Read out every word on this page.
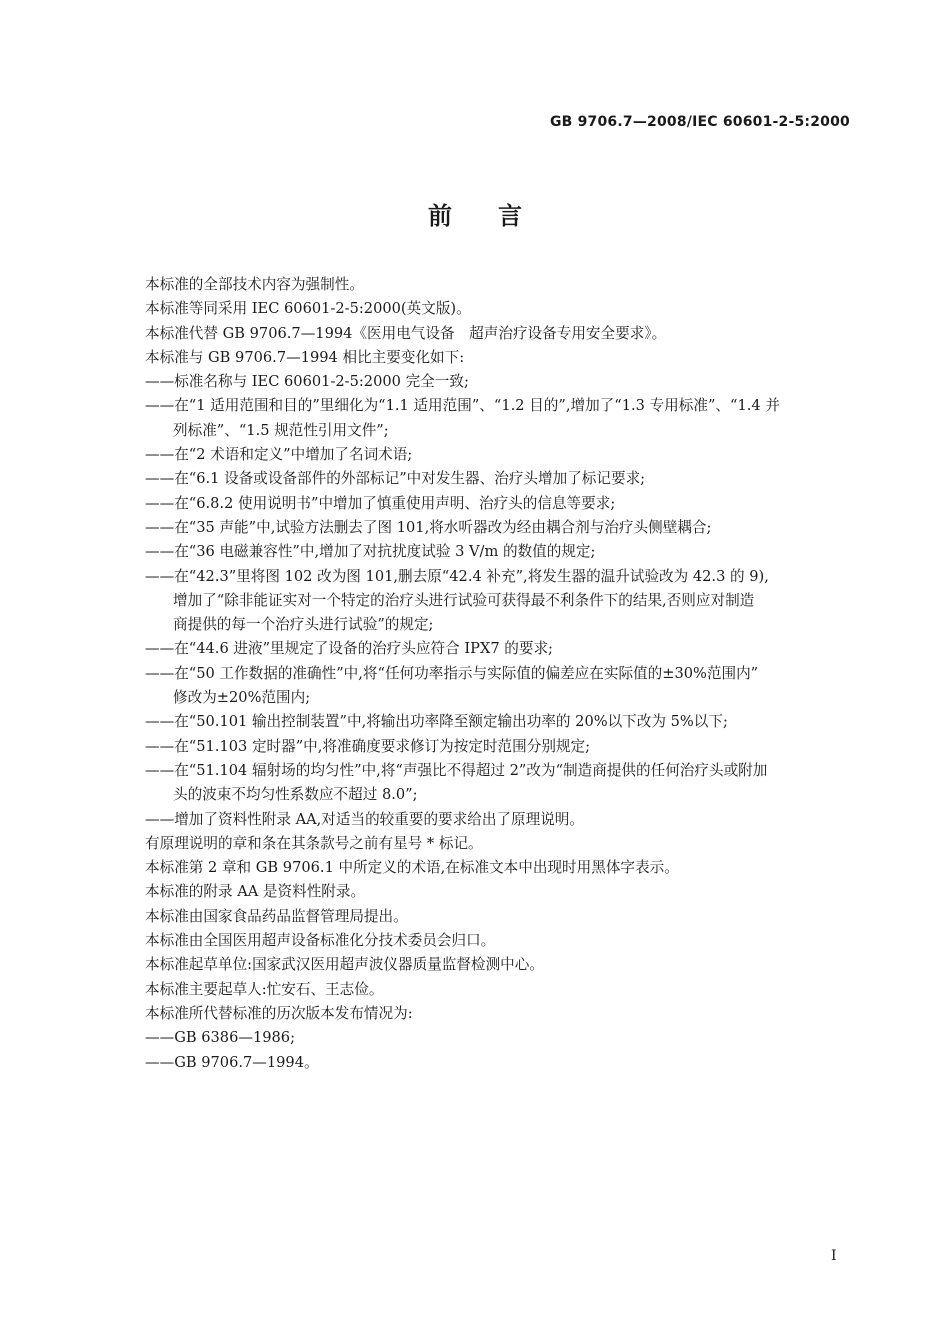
GB 9706.7—2008/IEC 60601-2-5:2000
前言
本标准的全部技术内容为强制性。
本标准等同采用 IEC 60601-2-5:2000(英文版)。
本标准代替 GB 9706.7—1994《医用电气设备　超声治疗设备专用安全要求》。
本标准与 GB 9706.7—1994 相比主要变化如下:
——标准名称与 IEC 60601-2-5:2000 完全一致;
——在“1 适用范围和目的”里细化为“1.1 适用范围”、“1.2 目的”,增加了“1.3 专用标准”、“1.4 并
列标准”、“1.5 规范性引用文件”;
——在“2 术语和定义”中增加了名词术语;
——在“6.1 设备或设备部件的外部标记”中对发生器、治疗头增加了标记要求;
——在“6.8.2 使用说明书”中增加了慎重使用声明、治疗头的信息等要求;
——在“35 声能”中,试验方法删去了图 101,将水听器改为经由耦合剂与治疗头侧壁耦合;
——在“36 电磁兼容性”中,增加了对抗扰度试验 3 V/m 的数值的规定;
——在“42.3”里将图 102 改为图 101,删去原“42.4 补充”,将发生器的温升试验改为 42.3 的 9),
增加了“除非能证实对一个特定的治疗头进行试验可获得最不利条件下的结果,否则应对制造
商提供的每一个治疗头进行试验”的规定;
——在“44.6 进液”里规定了设备的治疗头应符合 IPX7 的要求;
——在“50 工作数据的准确性”中,将“任何功率指示与实际值的偏差应在实际值的±30%范围内”
修改为±20%范围内;
——在“50.101 输出控制装置”中,将输出功率降至额定输出功率的 20%以下改为 5%以下;
——在“51.103 定时器”中,将准确度要求修订为按定时范围分别规定;
——在“51.104 辐射场的均匀性”中,将“声强比不得超过 2”改为“制造商提供的任何治疗头或附加
头的波束不均匀性系数应不超过 8.0”;
——增加了资料性附录 AA,对适当的较重要的要求给出了原理说明。
有原理说明的章和条在其条款号之前有星号 * 标记。
本标准第 2 章和 GB 9706.1 中所定义的术语,在标准文本中出现时用黑体字表示。
本标准的附录 AA 是资料性附录。
本标准由国家食品药品监督管理局提出。
本标准由全国医用超声设备标准化分技术委员会归口。
本标准起草单位:国家武汉医用超声波仪器质量监督检测中心。
本标准主要起草人:忙安石、王志俭。
本标准所代替标准的历次版本发布情况为:
——GB 6386—1986;
——GB 9706.7—1994。
I
